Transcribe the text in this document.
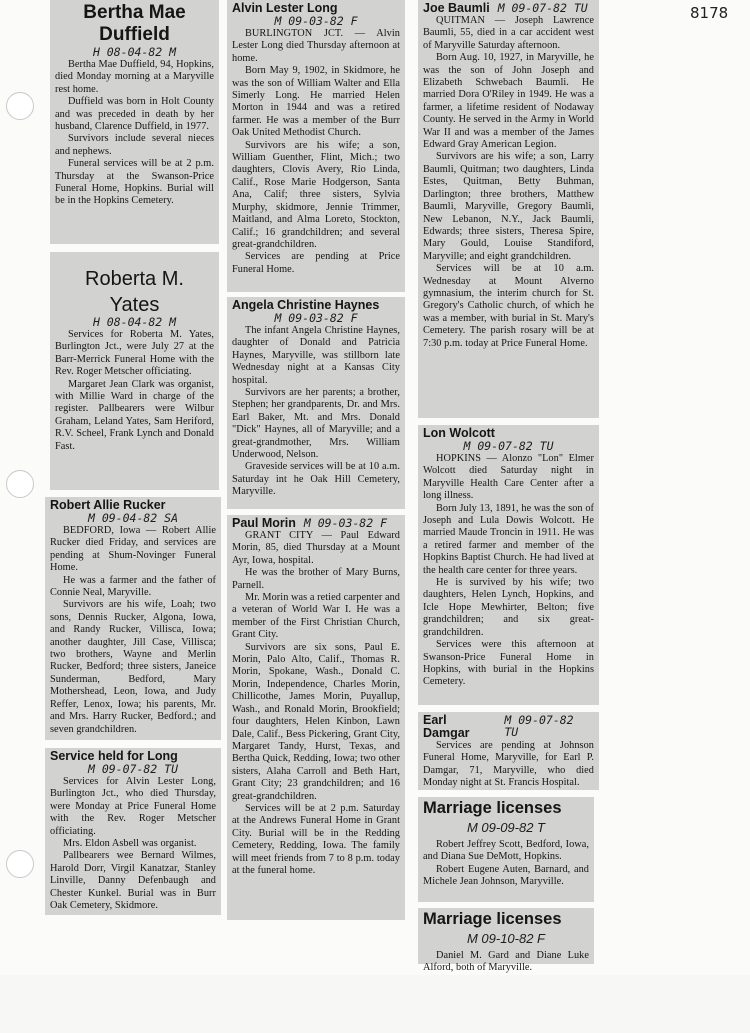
8178
Bertha Mae Duffield
H 08-04-82 M

Bertha Mae Duffield, 94, Hopkins, died Monday morning at a Maryville rest home.

Duffield was born in Holt County and was preceded in death by her husband, Clarence Duffield, in 1977.

Survivors include several nieces and nephews.

Funeral services will be at 2 p.m. Thursday at the Swanson-Price Funeral Home, Hopkins. Burial will be in the Hopkins Cemetery.

Roberta M.
Yates
H 08-04-82 M

Services for Roberta M. Yates, Burlington Jct., were July 27 at the Barr-Merrick Funeral Home with the Rev. Roger Metscher officiating.

Margaret Jean Clark was organist, with Millie Ward in charge of the register. Pallbearers were Wilbur Graham, Leland Yates, Sam Heriford, R.V. Scheel, Frank Lynch and Donald Fast.

Robert Allie Rucker
M 09-04-82 SA

BEDFORD, Iowa — Robert Allie Rucker died Friday, and services are pending at Shum-Novinger Funeral Home.

He was a farmer and the father of Connie Neal, Maryville.

Survivors are his wife, Loah; two sons, Dennis Rucker, Algona, Iowa, and Randy Rucker, Villisca, Iowa; another daughter, Jill Case, Villisca; two brothers, Wayne and Merlin Rucker, Bedford; three sisters, Janeice Sunderman, Bedford, Mary Mothershead, Leon, Iowa, and Judy Reffer, Lenox, Iowa; his parents, Mr. and Mrs. Harry Rucker, Bedford.; and seven grandchildren.

Service held for Long
M 09-07-82 TU

Services for Alvin Lester Long, Burlington Jct., who died Thursday, were Monday at Price Funeral Home with the Rev. Roger Metscher officiating.

Mrs. Eldon Asbell was organist.

Pallbearers wee Bernard Wilmes, Harold Dorr, Virgil Kanatzar, Stanley Linville, Danny Defenbaugh and Chester Kunkel. Burial was in Burr Oak Cemetery, Skidmore.

Alvin Lester Long
M 09-03-82 F

BURLINGTON JCT. — Alvin Lester Long died Thursday afternoon at home.

Born May 9, 1902, in Skidmore, he was the son of William Walter and Ella Simerly Long. He married Helen Morton in 1944 and was a retired farmer. He was a member of the Burr Oak United Methodist Church.

Survivors are his wife; a son, William Guenther, Flint, Mich.; two daughters, Clovis Avery, Rio Linda, Calif., Rose Marie Hodgerson, Santa Ana, Calif; three sisters, Sylvia Murphy, skidmore, Jennie Trimmer, Maitland, and Alma Loreto, Stockton, Calif.; 16 grandchildren; and several great-grandchildren.

Services are pending at Price Funeral Home.

Angela Christine Haynes
M 09-03-82 F

The infant Angela Christine Haynes, daughter of Donald and Patricia Haynes, Maryville, was stillborn late Wednesday night at a Kansas City hospital.

Survivors are her parents; a brother, Stephen; her grandparents, Dr. and Mrs. Earl Baker, Mt. and Mrs. Donald "Dick" Haynes, all of Maryville; and a great-grandmother, Mrs. William Underwood, Nelson.

Graveside services will be at 10 a.m. Saturday int he Oak Hill Cemetery, Maryville.

Paul Morin M 09-03-82 F

GRANT CITY — Paul Edward Morin, 85, died Thursday at a Mount Ayr, Iowa, hospital.

He was the brother of Mary Burns, Parnell.

Mr. Morin was a retied carpenter and a veteran of World War I. He was a member of the First Christian Church, Grant City.

Survivors are six sons, Paul E. Morin, Palo Alto, Calif., Thomas R. Morin, Spokane, Wash., Donald C. Morin, Independence, Charles Morin, Chillicothe, James Morin, Puyallup, Wash., and Ronald Morin, Brookfield; four daughters, Helen Kinbon, Lawn Dale, Calif., Bess Pickering, Grant City, Margaret Tandy, Hurst, Texas, and Bertha Quick, Redding, Iowa; two other sisters, Alaha Carroll and Beth Hart, Grant City; 23 grandchildren; and 16 great-grandchildren.

Services will be at 2 p.m. Saturday at the Andrews Funeral Home in Grant City. Burial will be in the Redding Cemetery, Redding, Iowa. The family will meet friends from 7 to 8 p.m. today at the funeral home.

Joe Baumli M 09-07-82 TU

QUITMAN — Joseph Lawrence Baumli, 55, died in a car accident west of Maryville Saturday afternoon.

Born Aug. 10, 1927, in Maryville, he was the son of John Joseph and Elizabeth Schwebach Baumli. He married Dora O'Riley in 1949. He was a farmer, a lifetime resident of Nodaway County. He served in the Army in World War II and was a member of the James Edward Gray American Legion.

Survivors are his wife; a son, Larry Baumli, Quitman; two daughters, Linda Estes, Quitman, Betty Buhman, Darlington; three brothers, Matthew Baumli, Maryville, Gregory Baumli, New Lebanon, N.Y., Jack Baumli, Edwards; three sisters, Theresa Spire, Mary Gould, Louise Standiford, Maryville; and eight grandchildren.

Services will be at 10 a.m. Wednesday at Mount Alverno gymnasium, the interim church for St. Gregory's Catholic church, of which he was a member, with burial in St. Mary's Cemetery. The parish rosary will be at 7:30 p.m. today at Price Funeral Home.

Lon Wolcott
M 09-07-82 TU

HOPKINS — Alonzo "Lon" Elmer Wolcott died Saturday night in Maryville Health Care Center after a long illness.

Born July 13, 1891, he was the son of Joseph and Lula Dowis Wolcott. He married Maude Troncin in 1911. He was a retired farmer and member of the Hopkins Baptist Church. He had lived at the health care center for three years.

He is survived by his wife; two daughters, Helen Lynch, Hopkins, and Icle Hope Mewhirter, Belton; five grandchildren; and six great-grandchildren.

Services were this afternoon at Swanson-Price Funeral Home in Hopkins, with burial in the Hopkins Cemetery.

Earl Damgar
M 09-07-82 TU

Services are pending at Johnson Funeral Home, Maryville, for Earl P. Damgar, 71, Maryville, who died Monday night at St. Francis Hospital.

Marriage licenses
M 09-09-82 T

Robert Jeffrey Scott, Bedford, Iowa, and Diana Sue DeMott, Hopkins.

Robert Eugene Auten, Barnard, and Michele Jean Johnson, Maryville.

Marriage licenses
M 09-10-82 F

Daniel M. Gard and Diane Luke Alford, both of Maryville.
